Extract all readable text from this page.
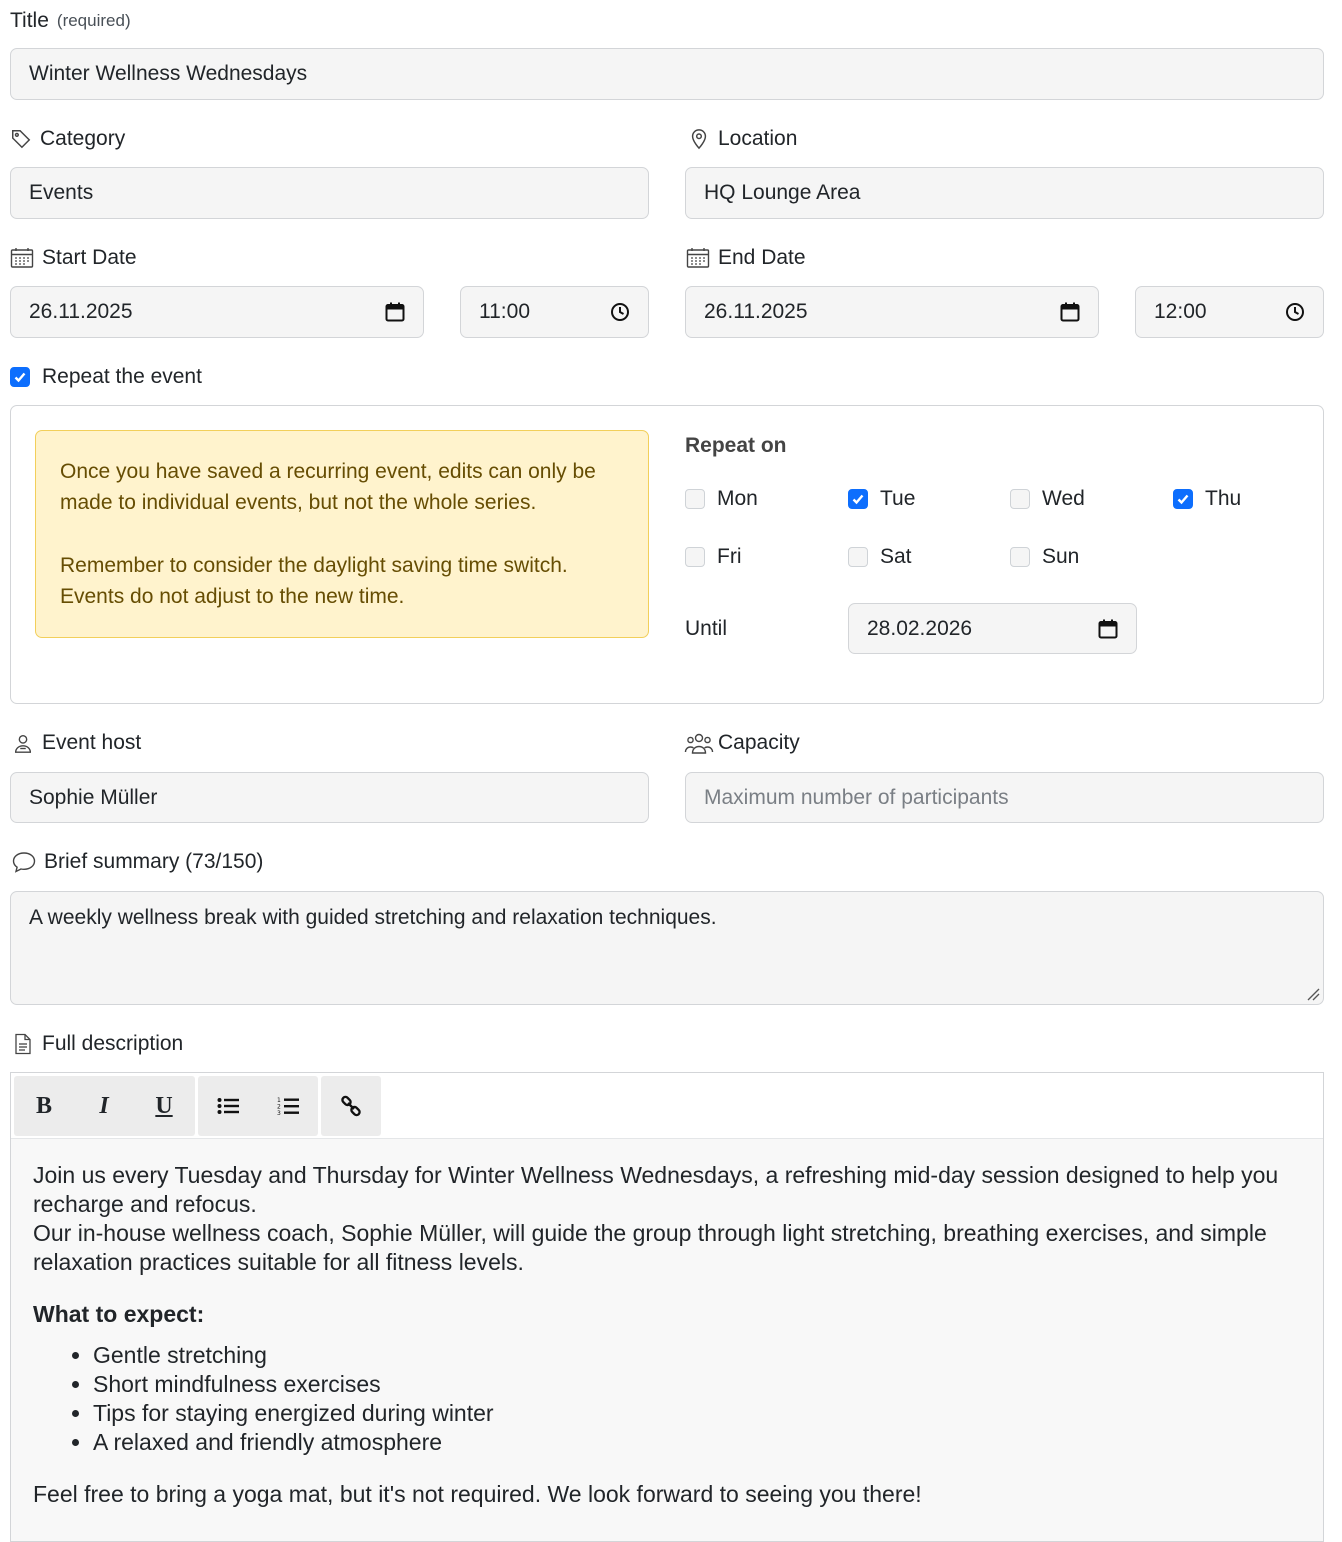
Title (required)
Winter Wellness Wednesdays
Category
Events
Location
HQ Lounge Area
Start Date
26.11.2025	11:00
End Date
26.11.2025	12:00
Repeat the event

Once you have saved a recurring event, edits can only be made to individual events, but not the whole series.

Remember to consider the daylight saving time switch. Events do not adjust to the new time.

Repeat on
Mon	Tue	Wed	Thu
Fri	Sat	Sun
Until	28.02.2026
Event host
Sophie Müller
Capacity
Maximum number of participants
Brief summary (73/150)
A weekly wellness break with guided stretching and relaxation techniques.
Full description
B	I	U	1
2
3

Join us every Tuesday and Thursday for Winter Wellness Wednesdays, a refreshing mid-day session designed to help you recharge and refocus.

Our in-house wellness coach, Sophie Müller, will guide the group through light stretching, breathing exercises, and simple relaxation practices suitable for all fitness levels.

What to expect:

• Gentle stretching
• Short mindfulness exercises
• Tips for staying energized during winter
• A relaxed and friendly atmosphere

Feel free to bring a yoga mat, but it's not required. We look forward to seeing you there!
